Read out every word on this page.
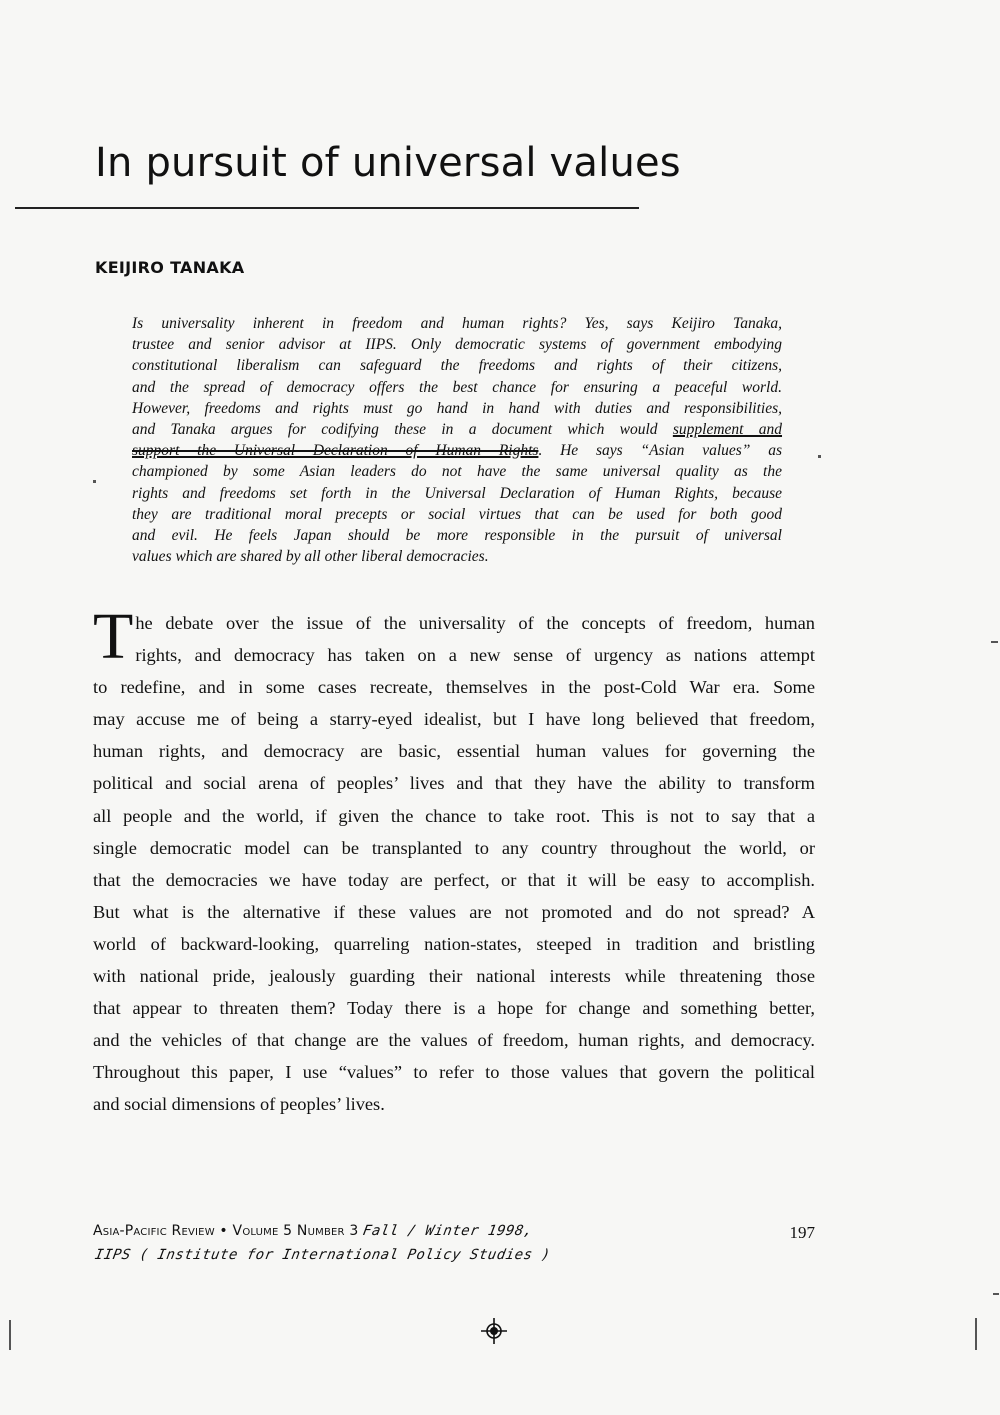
In pursuit of universal values
KEIJIRO TANAKA
Is universality inherent in freedom and human rights? Yes, says Keijiro Tanaka,
trustee and senior advisor at IIPS. Only democratic systems of government embodying
constitutional liberalism can safeguard the freedoms and rights of their citizens,
and the spread of democracy offers the best chance for ensuring a peaceful world.
However, freedoms and rights must go hand in hand with duties and responsibilities,
and Tanaka argues for codifying these in a document which would supplement and
support the Universal Declaration of Human Rights. He says “Asian values” as
championed by some Asian leaders do not have the same universal quality as the
rights and freedoms set forth in the Universal Declaration of Human Rights, because
they are traditional moral precepts or social virtues that can be used for both good
and evil. He feels Japan should be more responsible in the pursuit of universal
values which are shared by all other liberal democracies.
T he debate over the issue of the universality of the concepts of freedom, human
rights, and democracy has taken on a new sense of urgency as nations attempt
to redefine, and in some cases recreate, themselves in the post-Cold War era. Some
may accuse me of being a starry-eyed idealist, but I have long believed that freedom,
human rights, and democracy are basic, essential human values for governing the
political and social arena of peoples’ lives and that they have the ability to transform
all people and the world, if given the chance to take root. This is not to say that a
single democratic model can be transplanted to any country throughout the world, or
that the democracies we have today are perfect, or that it will be easy to accomplish.
But what is the alternative if these values are not promoted and do not spread? A
world of backward-looking, quarreling nation-states, steeped in tradition and bristling
with national pride, jealously guarding their national interests while threatening those
that appear to threaten them? Today there is a hope for change and something better,
and the vehicles of that change are the values of freedom, human rights, and democracy.
Throughout this paper, I use “values” to refer to those values that govern the political
and social dimensions of peoples’ lives.
Asia-Pacific Review • Volume 5 Number 3 Fall / Winter 1998,
IIPS ( Institute for International Policy Studies )
197
